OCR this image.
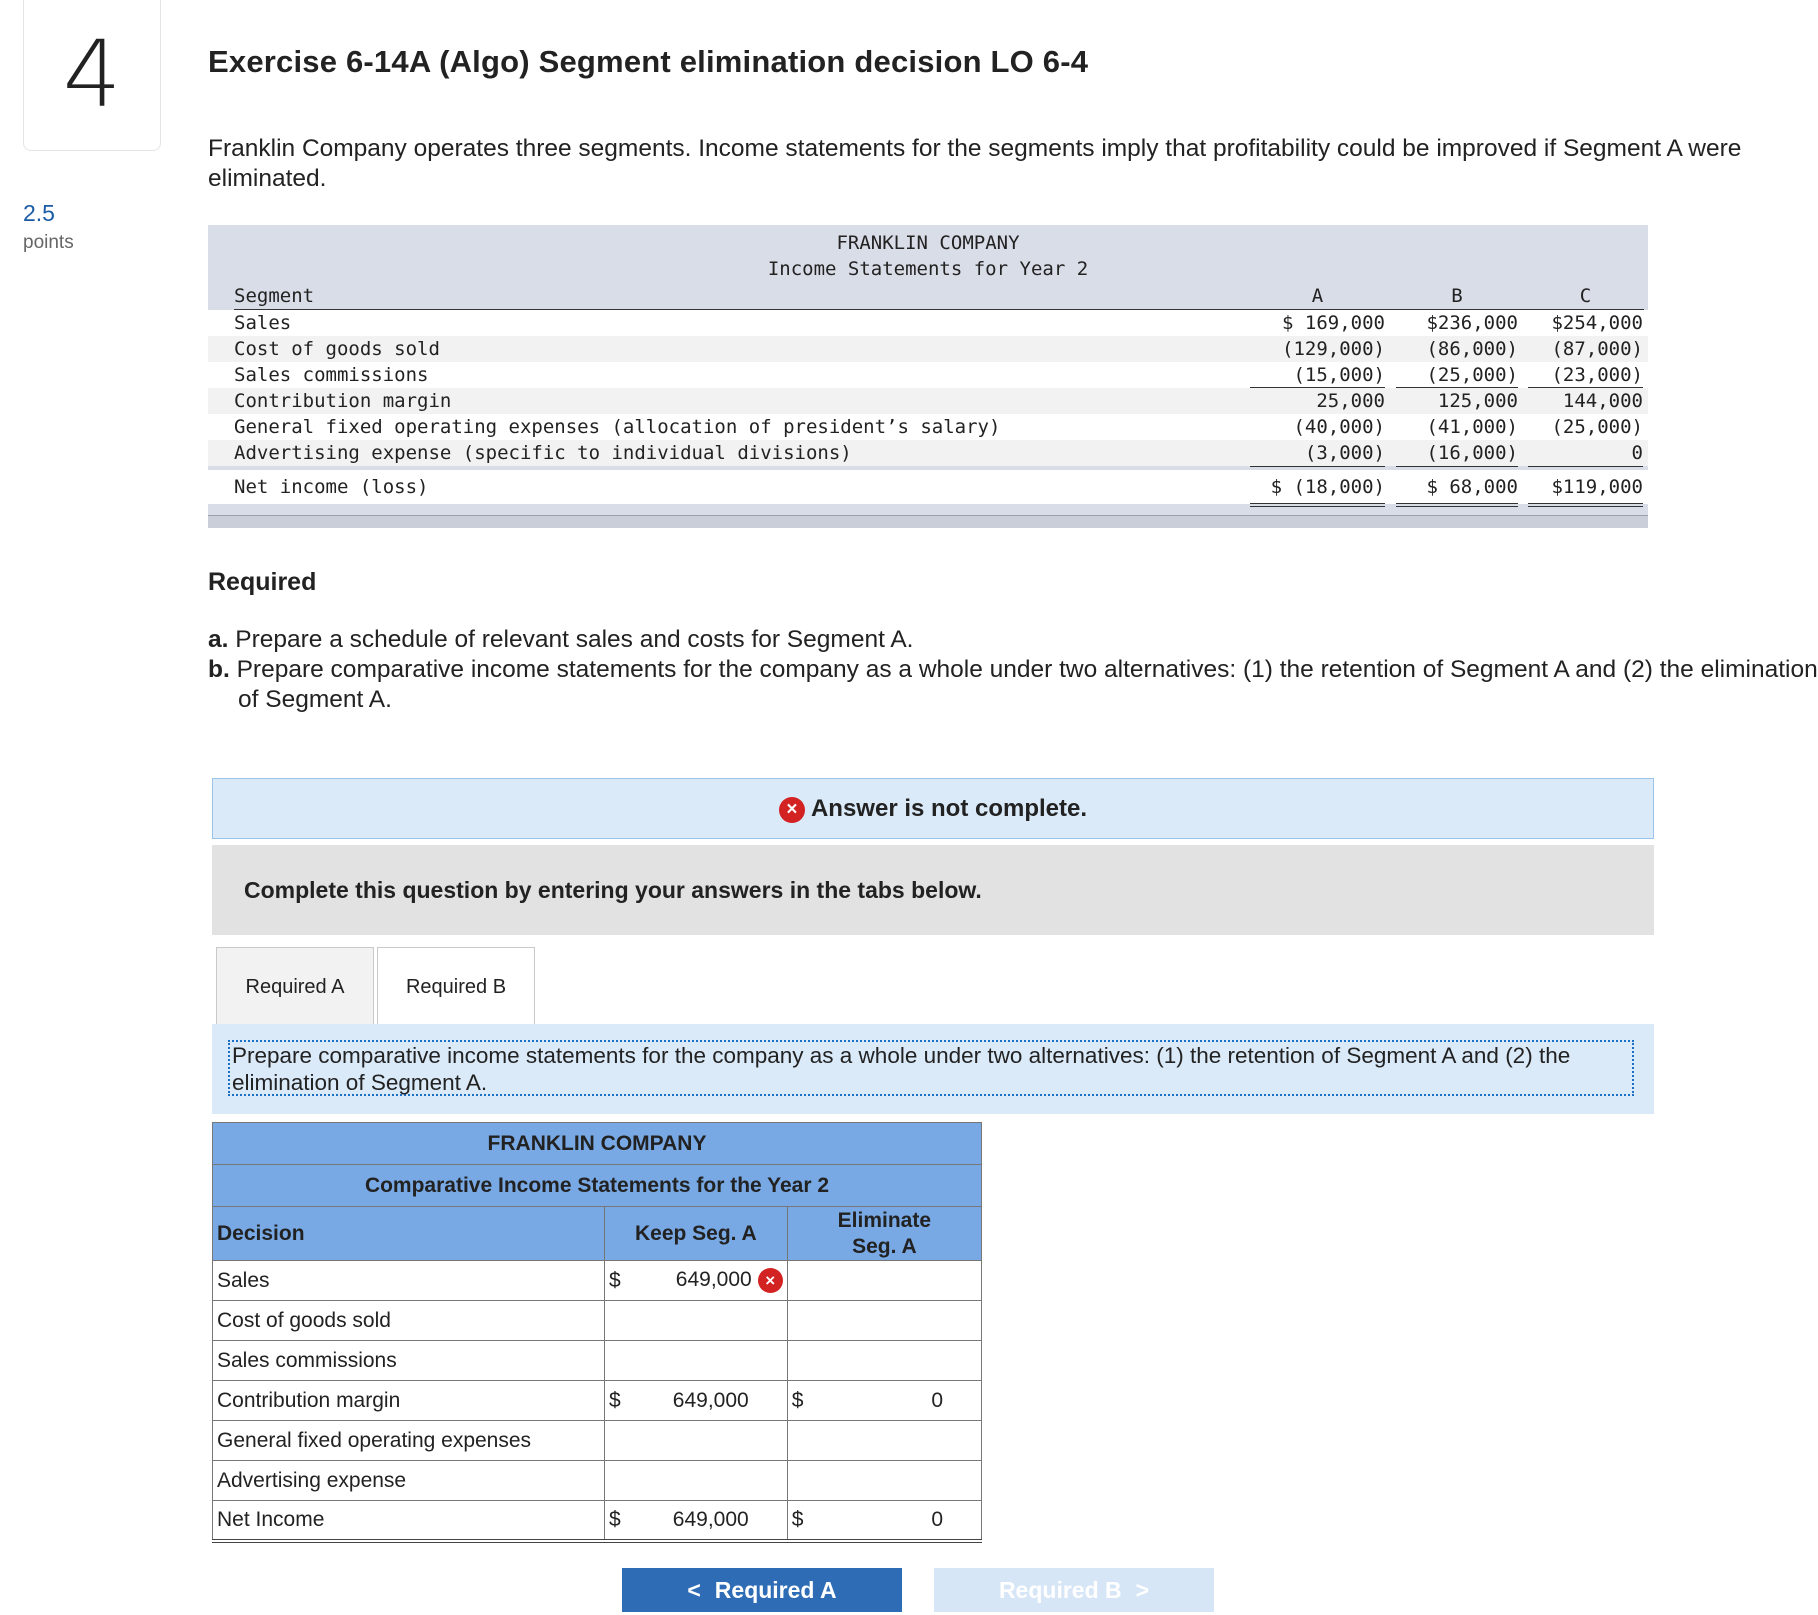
4
2.5
points
Exercise 6-14A (Algo) Segment elimination decision LO 6-4
Franklin Company operates three segments. Income statements for the segments imply that profitability could be improved if Segment A were eliminated.
FRANKLIN COMPANY
Income Statements for Year 2
Segment	A	B	C
Sales	$ 169,000	$236,000	$254,000
Cost of goods sold	(129,000)	(86,000)	(87,000)
Sales commissions	(15,000)	(25,000)	(23,000)
Contribution margin	25,000	125,000	144,000
General fixed operating expenses (allocation of president’s salary)	(40,000)	(41,000)	(25,000)
Advertising expense (specific to individual divisions)	(3,000)	(16,000)	0
Net income (loss)	$ (18,000)	$ 68,000	$119,000
Required
a. Prepare a schedule of relevant sales and costs for Segment A.
b. Prepare comparative income statements for the company as a whole under two alternatives: (1) the retention of Segment A and (2) the elimination of Segment A.
× Answer is not complete.
Complete this question by entering your answers in the tabs below.
Required A	Required B
Prepare comparative income statements for the company as a whole under two alternatives: (1) the retention of Segment A and (2) the elimination of Segment A.
FRANKLIN COMPANY				
Comparative Income Statements for the Year 2				
Decision	Keep Seg. A		Eliminate
Seg. A	
Sales	$	649,000 ×		
Cost of goods sold				
Sales commissions				
Contribution margin	$	649,000	$	0
General fixed operating expenses				
Advertising expense				
Net Income	$	649,000	$	0
< Required A	Required B >
